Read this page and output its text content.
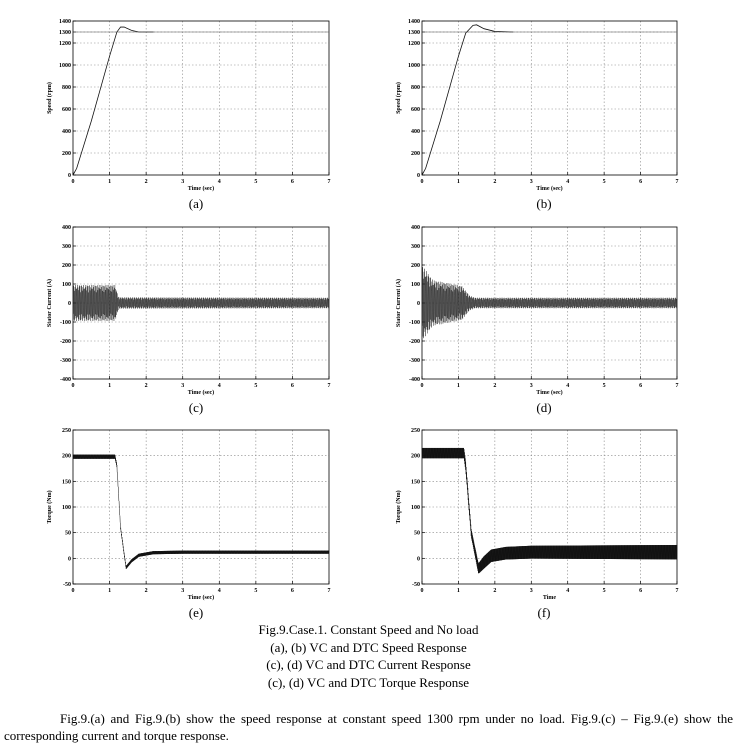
0	1	2	3	4	5	6	7
0
200
400
600
800
1000
1200
1300
1400
Time (sec)
Speed (rpm)
(a)
0	1	2	3	4	5	6	7
0
200
400
600
800
1000
1200
1300
1400
Time (sec)
Speed (rpm)
(b)
0	1	2	3	4	5	6	7
-400
-300
-200
-100
0
100
200
300
400
Time (sec)
Stator Current (A)
(c)
0	1	2	3	4	5	6	7
-400
-300
-200
-100
0
100
200
300
400
Time (sec)
Stator Current (A)
(d)
0	1	2	3	4	5	6	7
-50
0
50
100
150
200
250
Time (sec)
Torque (Nm)
(e)
0	1	2	3	4	5	6	7
-50
0
50
100
150
200
250
Time
Torque (Nm)
(f)
Fig.9.Case.1. Constant Speed and No load
(a), (b) VC and DTC Speed Response
(c), (d) VC and DTC Current Response
(c), (d) VC and DTC Torque Response
Fig.9.(a) and Fig.9.(b) show the speed response at constant speed 1300 rpm under no load. Fig.9.(c) – Fig.9.(e) show the corresponding current and torque response.
